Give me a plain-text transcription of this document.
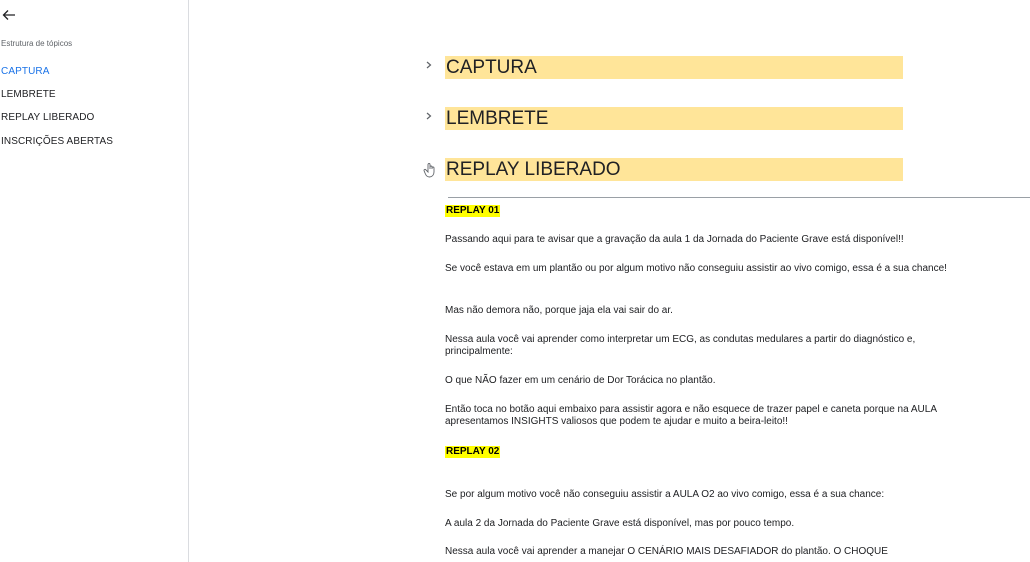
Estrutura de tópicos
CAPTURA
LEMBRETE
REPLAY LIBERADO
INSCRIÇÕES ABERTAS
CAPTURA
LEMBRETE
REPLAY LIBERADO
REPLAY 01
Passando aqui para te avisar que a gravação da aula 1 da Jornada do Paciente Grave está disponível!!
Se você estava em um plantão ou por algum motivo não conseguiu assistir ao vivo comigo, essa é a sua chance!
Mas não demora não, porque jaja ela vai sair do ar.
Nessa aula você vai aprender como interpretar um ECG, as condutas medulares a partir do diagnóstico e, principalmente:
O que NÃO fazer em um cenário de Dor Torácica no plantão.
Então toca no botão aqui embaixo para assistir agora e não esquece de trazer papel e caneta porque na AULA apresentamos INSIGHTS valiosos que podem te ajudar e muito a beira-leito!!
REPLAY 02
Se por algum motivo você não conseguiu assistir a AULA O2 ao vivo comigo, essa é a sua chance:
A aula 2 da Jornada do Paciente Grave está disponível, mas por pouco tempo.
Nessa aula você vai aprender a manejar O CENÁRIO MAIS DESAFIADOR do plantão. O CHOQUE
